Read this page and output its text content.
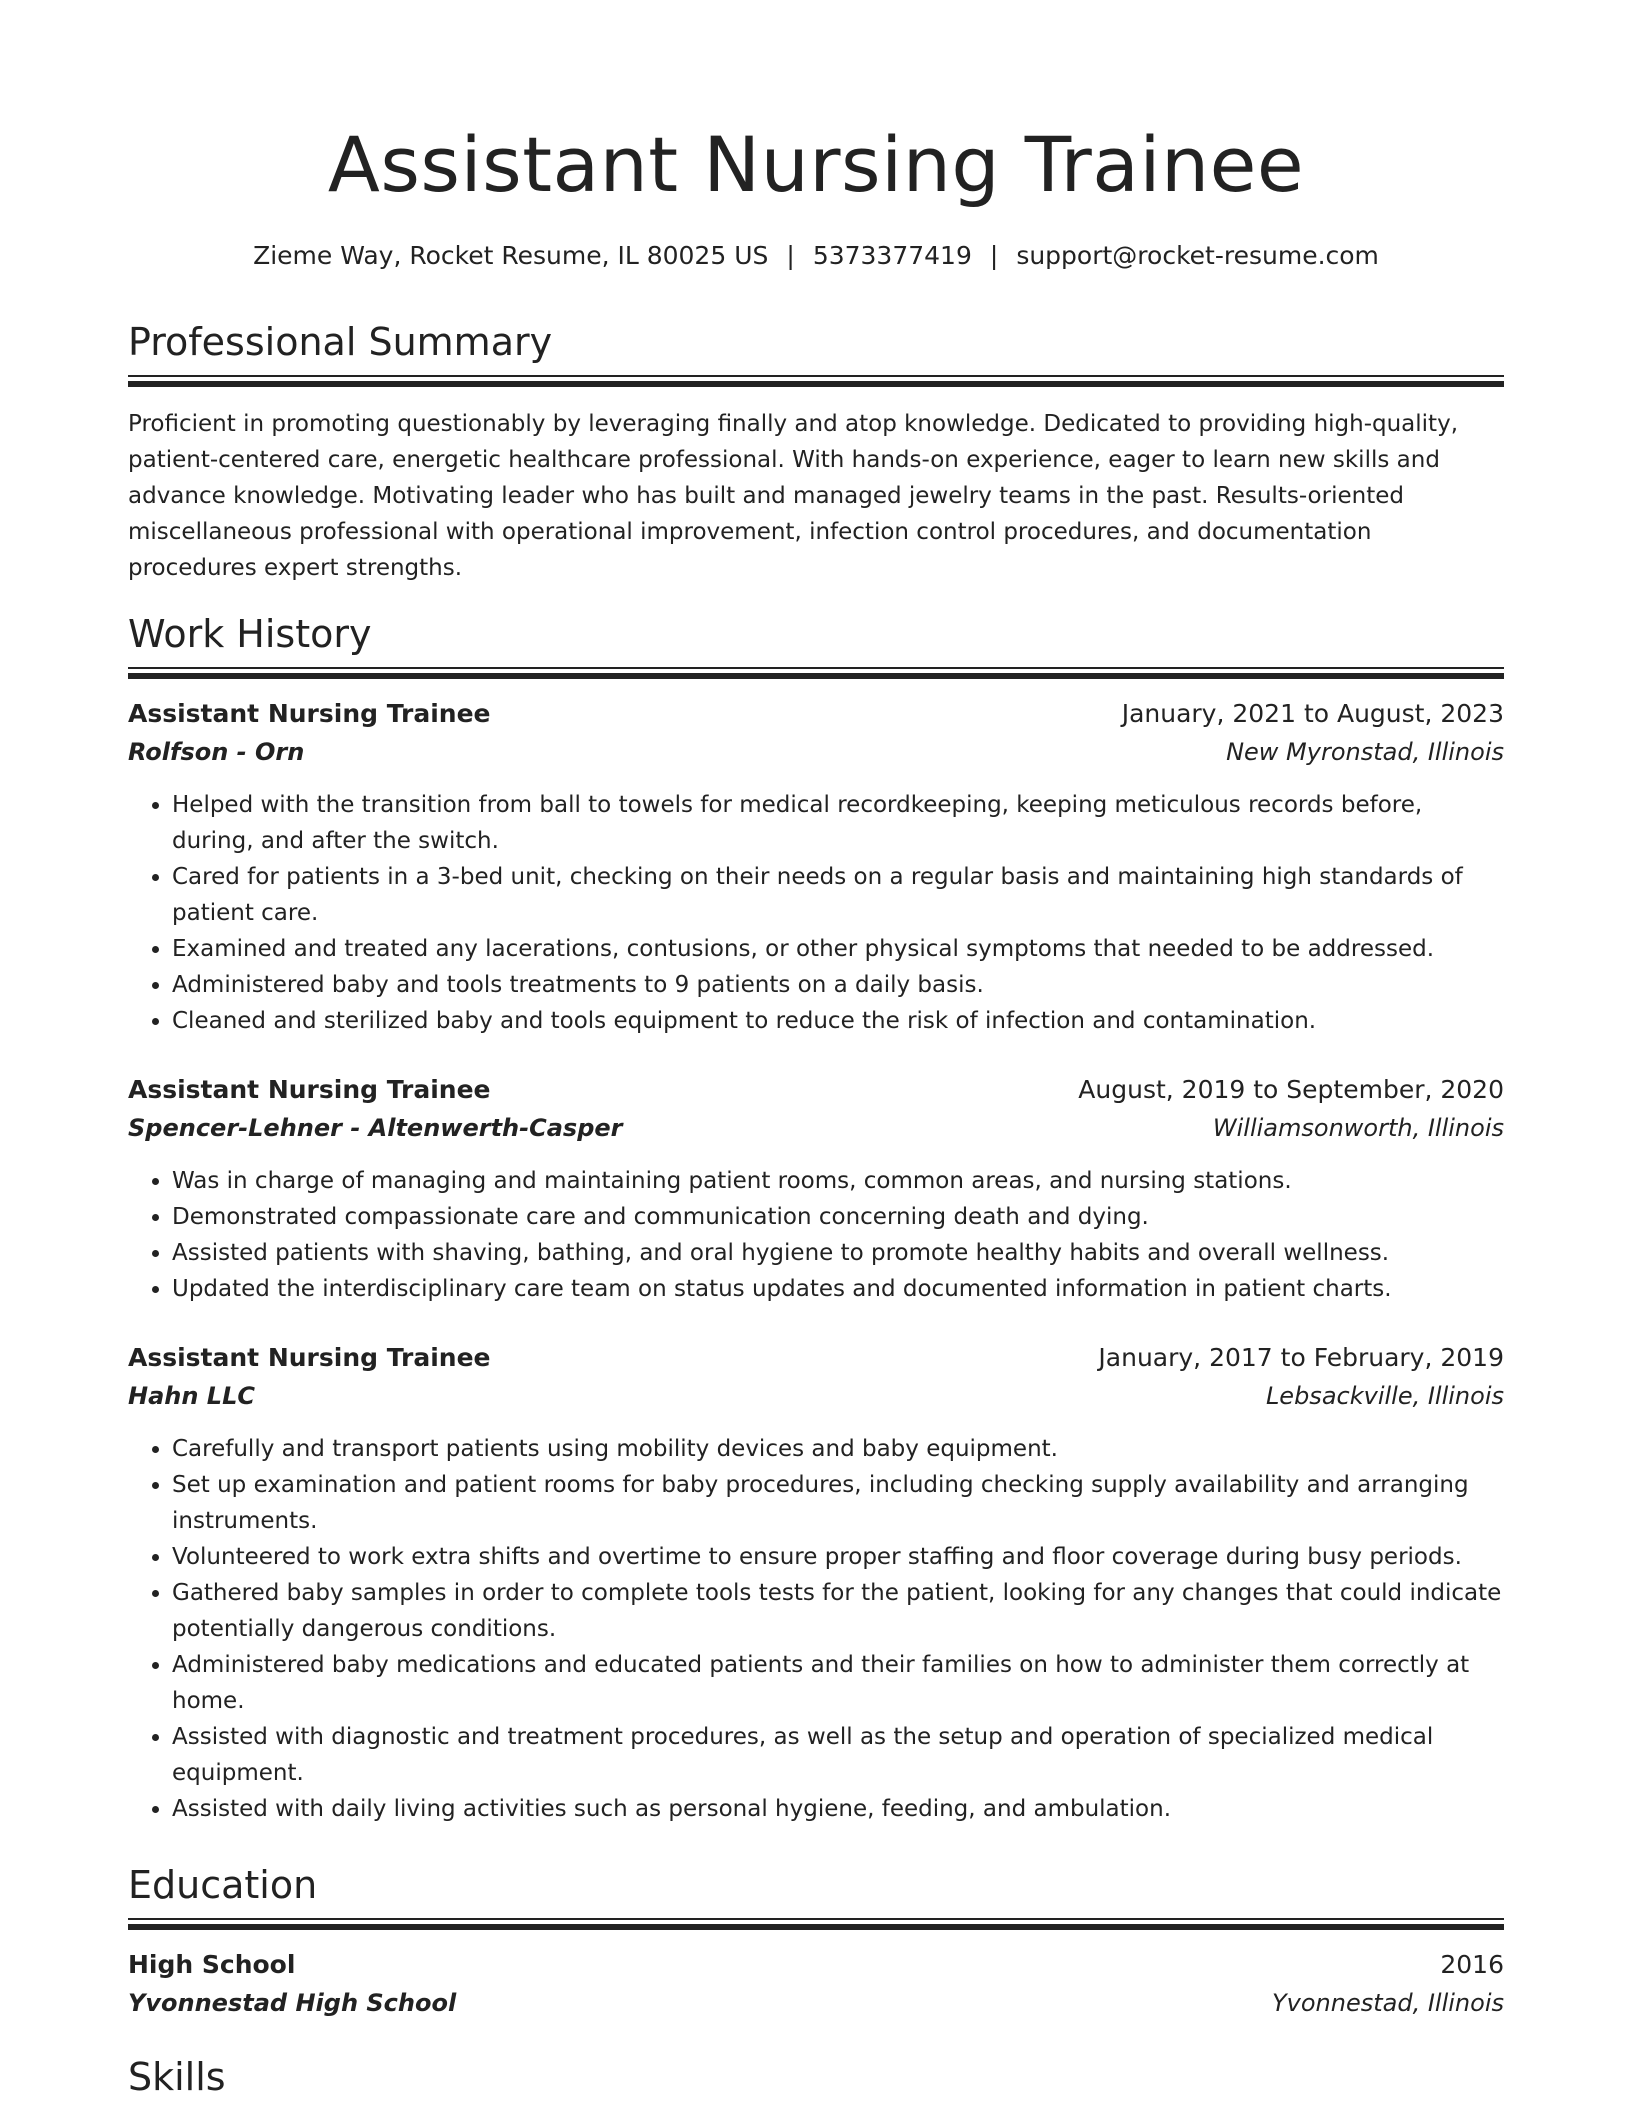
Assistant Nursing Trainee
Zieme Way, Rocket Resume, IL 80025 US | 5373377419 | support@rocket-resume.com
Professional Summary
Proficient in promoting questionably by leveraging finally and atop knowledge. Dedicated to providing high-quality, patient-centered care, energetic healthcare professional. With hands-on experience, eager to learn new skills and advance knowledge. Motivating leader who has built and managed jewelry teams in the past. Results-oriented miscellaneous professional with operational improvement, infection control procedures, and documentation procedures expert strengths.
Work History
Assistant Nursing Trainee	January, 2021 to August, 2023
Rolfson - Orn	New Myronstad, Illinois
• Helped with the transition from ball to towels for medical recordkeeping, keeping meticulous records before, during, and after the switch.
• Cared for patients in a 3-bed unit, checking on their needs on a regular basis and maintaining high standards of patient care.
• Examined and treated any lacerations, contusions, or other physical symptoms that needed to be addressed.
• Administered baby and tools treatments to 9 patients on a daily basis.
• Cleaned and sterilized baby and tools equipment to reduce the risk of infection and contamination.
Assistant Nursing Trainee	August, 2019 to September, 2020
Spencer-Lehner - Altenwerth-Casper	Williamsonworth, Illinois
• Was in charge of managing and maintaining patient rooms, common areas, and nursing stations.
• Demonstrated compassionate care and communication concerning death and dying.
• Assisted patients with shaving, bathing, and oral hygiene to promote healthy habits and overall wellness.
• Updated the interdisciplinary care team on status updates and documented information in patient charts.
Assistant Nursing Trainee	January, 2017 to February, 2019
Hahn LLC	Lebsackville, Illinois
• Carefully and transport patients using mobility devices and baby equipment.
• Set up examination and patient rooms for baby procedures, including checking supply availability and arranging instruments.
• Volunteered to work extra shifts and overtime to ensure proper staffing and floor coverage during busy periods.
• Gathered baby samples in order to complete tools tests for the patient, looking for any changes that could indicate potentially dangerous conditions.
• Administered baby medications and educated patients and their families on how to administer them correctly at home.
• Assisted with diagnostic and treatment procedures, as well as the setup and operation of specialized medical equipment.
• Assisted with daily living activities such as personal hygiene, feeding, and ambulation.
Education
High School	2016
Yvonnestad High School	Yvonnestad, Illinois
Skills
